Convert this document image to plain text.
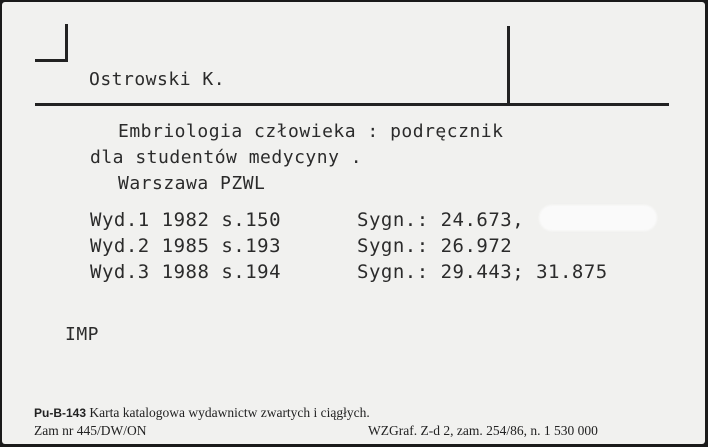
Ostrowski K.
Embriologia człowieka : podręcznik
dla studentów medycyny .
Warszawa PZWL
Wyd.1 1982 s.150	Sygn.: 24.673,
Wyd.2 1985 s.193	Sygn.: 26.972
Wyd.3 1988 s.194	Sygn.: 29.443; 31.875
IMP
Pu-B-143 Karta katalogowa wydawnictw zwartych i ciągłych.
Zam nr 445/DW/ON	WZGraf. Z-d 2, zam. 254/86, n. 1 530 000
